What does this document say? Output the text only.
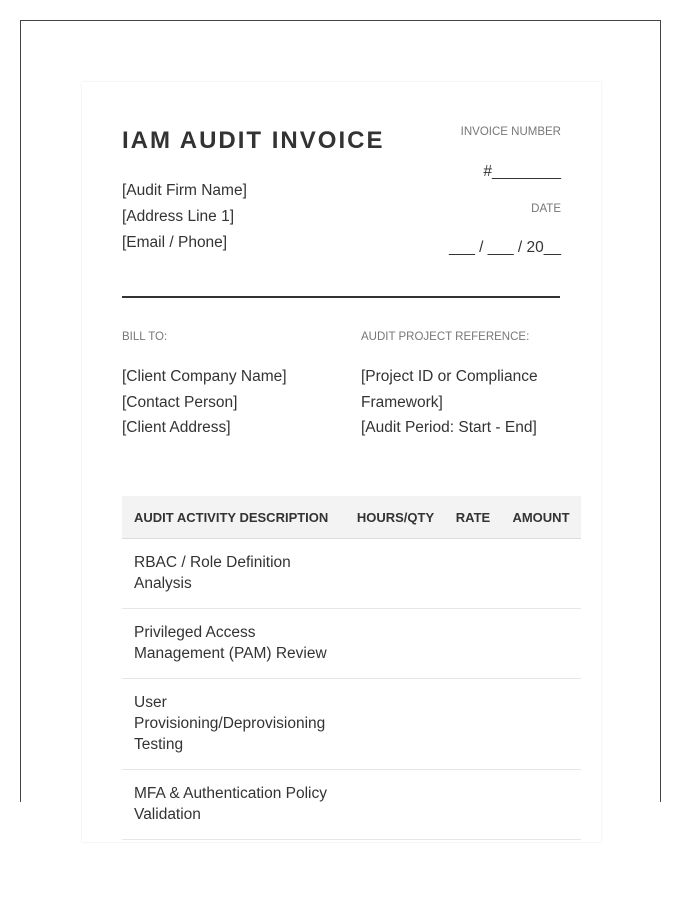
IAM AUDIT INVOICE
[Audit Firm Name]
[Address Line 1]
[Email / Phone]
INVOICE NUMBER
#________
DATE
___ / ___ / 20__
BILL TO:	AUDIT PROJECT REFERENCE:
[Client Company Name]
[Contact Person]
[Client Address]
[Project ID or Compliance
Framework]
[Audit Period: Start - End]
AUDIT ACTIVITY DESCRIPTION	HOURS/QTY	RATE	AMOUNT
RBAC / Role Definition Analysis			
Privileged Access Management (PAM) Review			
User Provisioning/Deprovisioning Testing			
MFA & Authentication Policy Validation			
